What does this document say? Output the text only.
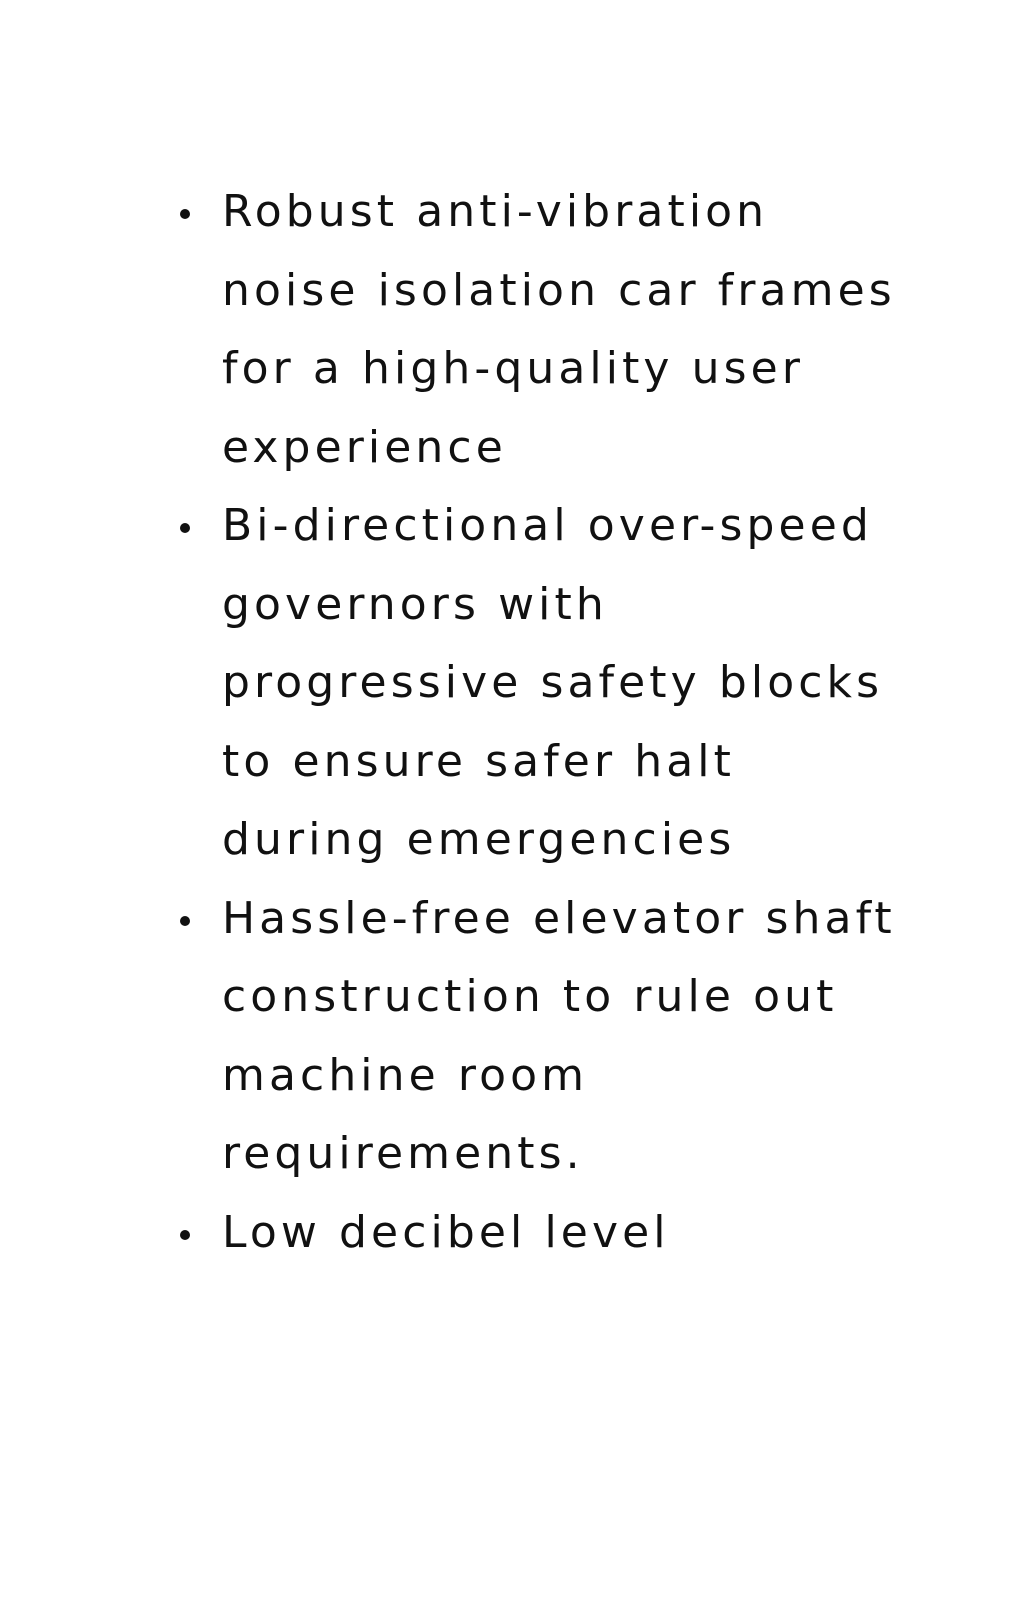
Robust anti-vibration
noise isolation car frames
for a high-quality user
experience
Bi-directional over-speed
governors with
progressive safety blocks
to ensure safer halt
during emergencies
Hassle-free elevator shaft
construction to rule out
machine room
requirements.
Low decibel level
